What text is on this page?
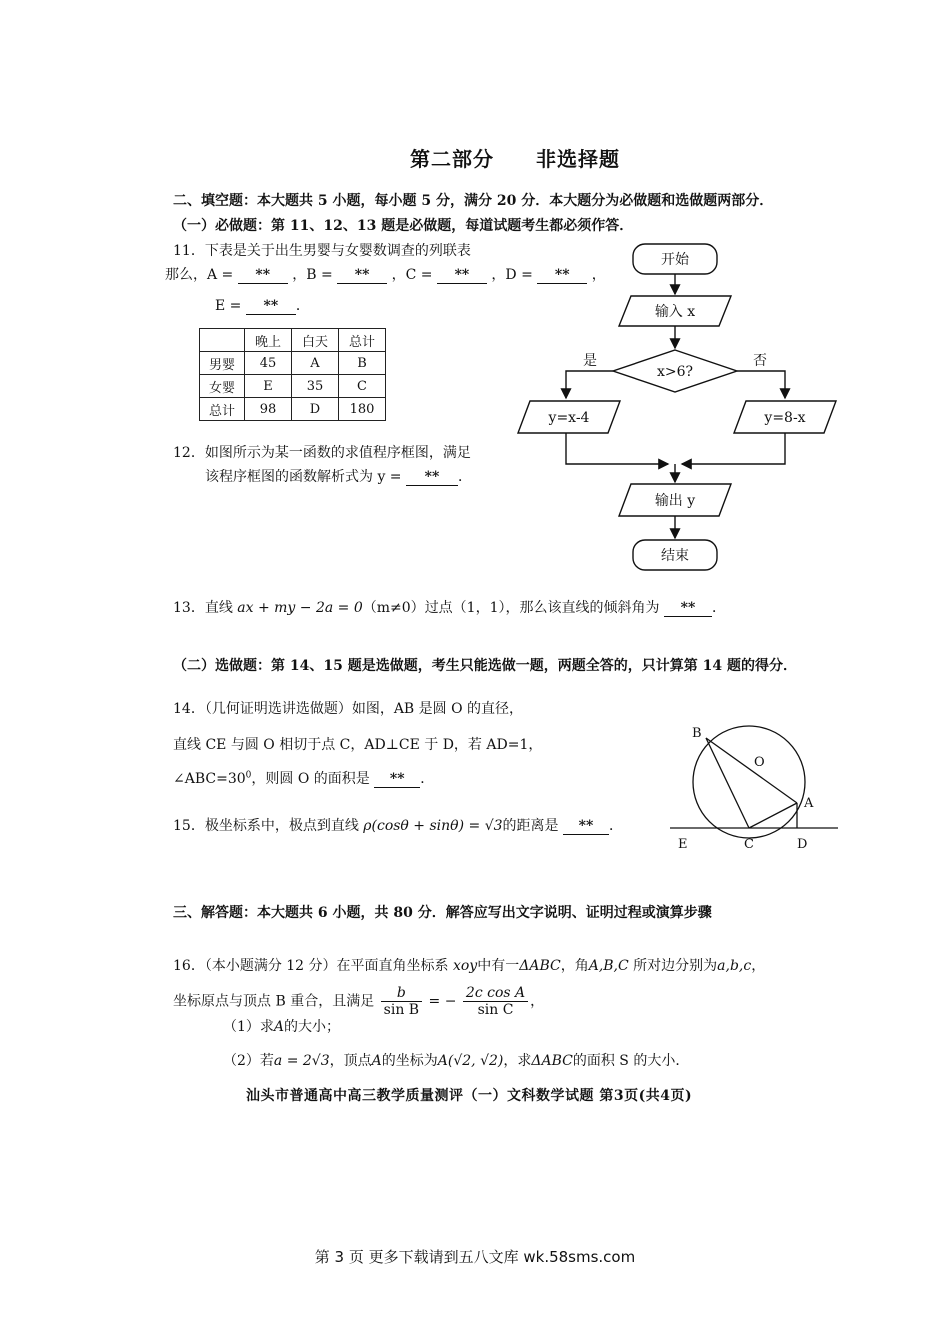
第二部分　　非选择题
二、填空题：本大题共 5 小题，每小题 5 分，满分 20 分．本大题分为必做题和选做题两部分．
（一）必做题：第 11、12、13 题是必做题，每道试题考生都必须作答．
11．下表是关于出生男婴与女婴数调查的列联表
那么，A = ** ，B = ** ，C = ** ，D = ** ，
E = ** ．
	晚上	白天	总计
男婴	45	A	B
女婴	E	35	C
总计	98	D	180
12．如图所示为某一函数的求值程序框图，满足
该程序框图的函数解析式为 y = ** ．
开始
输入 x
x>6?
是	否
y=x-4	y=8-x
输出 y
结束
13．直线 ax + my − 2a = 0（m≠0）过点（1，1），那么该直线的倾斜角为 ** ．
（二）选做题：第 14、15 题是选做题，考生只能选做一题，两题全答的，只计算第 14 题的得分．
14．（几何证明选讲选做题）如图，AB 是圆 O 的直径，
直线 CE 与圆 O 相切于点 C，AD⊥CE 于 D，若 AD=1，
$\angle ABC=30^0$，则圆 O 的面积是 ** ．
B
O
A
E	C	D
15．极坐标系中，极点到直线 ρ(cosθ + sinθ) = √3的距离是 ** ．
三、解答题：本大题共 6 小题，共 80 分．解答应写出文字说明、证明过程或演算步骤
16．（本小题满分 12 分）在平面直角坐标系 xoy中有一ΔABC，角A,B,C 所对边分别为a,b,c，
坐标原点与顶点 B 重合，且满足 $\frac{b}{\text{sin B}}$ = − $\frac{\text{2c cos A}}{\text{sin C}}$ ，
（1）求A的大小；
（2）若a = 2√3，顶点A的坐标为A(√2, √2)，求ΔABC的面积 S 的大小．
汕头市普通高中高三教学质量测评（一）文科数学试题 第3页(共4页)
第 3 页 更多下载请到五八文库 wk.58sms.com
